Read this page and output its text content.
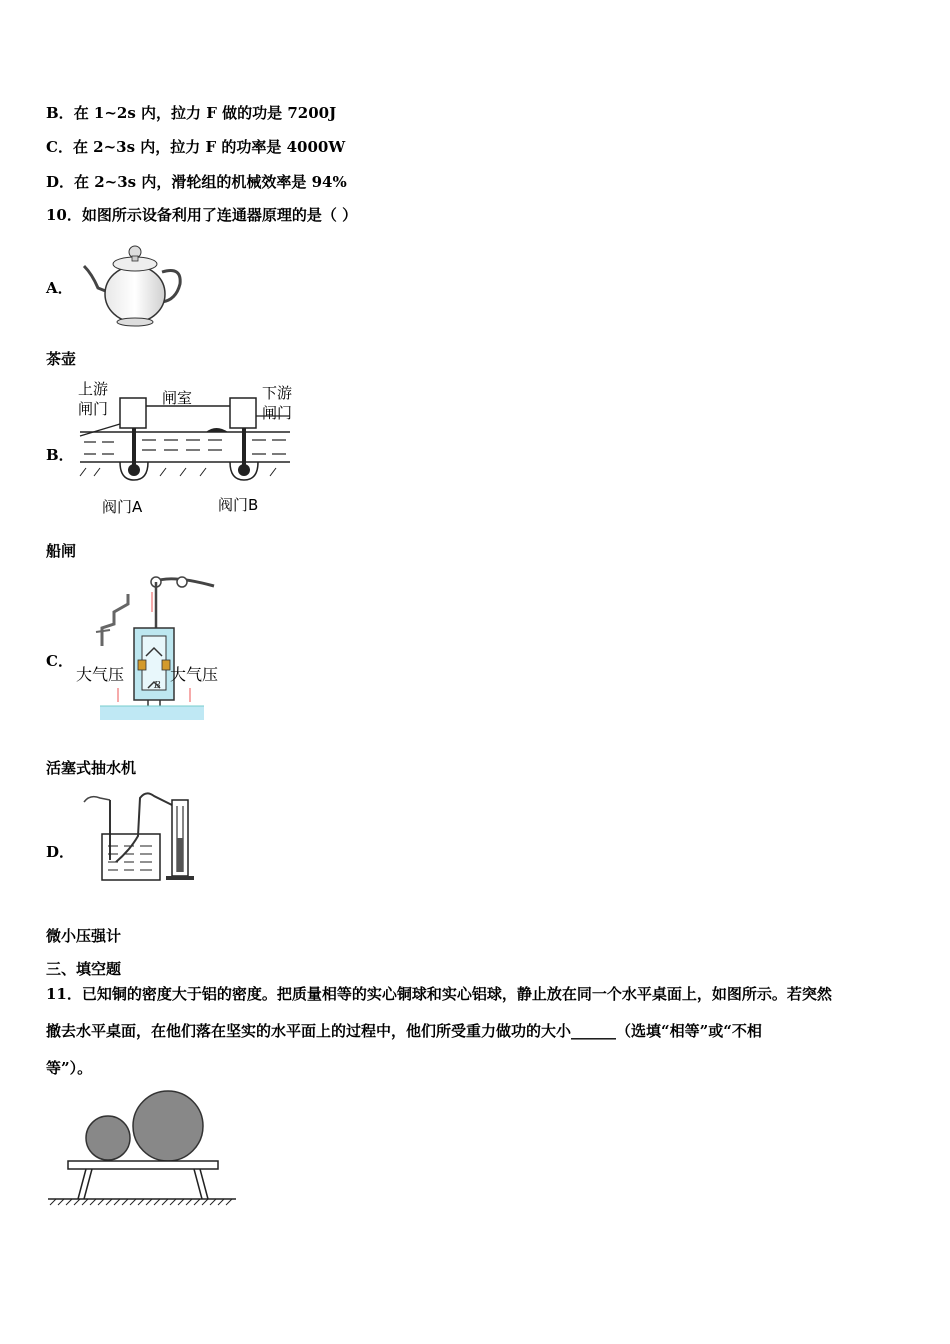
B．在 1~2s 内，拉力 F 做的功是 7200J
C．在 2~3s 内，拉力 F 的功率是 4000W
D．在 2~3s 内，滑轮组的机械效率是 94%
10．如图所示设备利用了连通器原理的是（ ）
A．
茶壶
B．
上游
闸门
闸室	下游
闸门
阀门A	阀门B
船闸
C．
B
大气压	大气压
活塞式抽水机
D．
微小压强计
三、填空题
11．已知铜的密度大于铝的密度。把质量相等的实心铜球和实心铝球，静止放在同一个水平桌面上，如图所示。若突然
撤去水平桌面，在他们落在坚实的水平面上的过程中，他们所受重力做功的大小______（选填“相等”或“不相
等”）。
